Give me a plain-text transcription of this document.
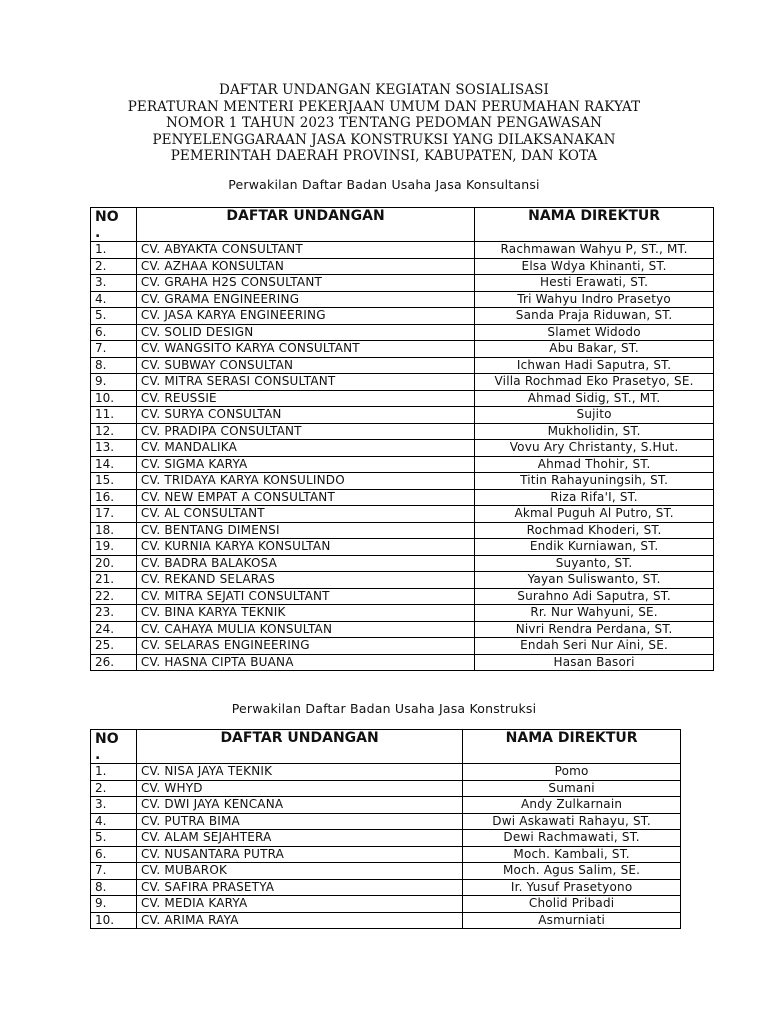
DAFTAR UNDANGAN KEGIATAN SOSIALISASI
PERATURAN MENTERI PEKERJAAN UMUM DAN PERUMAHAN RAKYAT
NOMOR 1 TAHUN 2023 TENTANG PEDOMAN PENGAWASAN
PENYELENGGARAAN JASA KONSTRUKSI YANG DILAKSANAKAN
PEMERINTAH DAERAH PROVINSI, KABUPATEN, DAN KOTA
Perwakilan Daftar Badan Usaha Jasa Konsultansi
NO
.	DAFTAR UNDANGAN	NAMA DIREKTUR
1.	CV. ABYAKTA CONSULTANT	Rachmawan Wahyu P, ST., MT.
2.	CV. AZHAA KONSULTAN	Elsa Wdya Khinanti, ST.
3.	CV. GRAHA H2S CONSULTANT	Hesti Erawati, ST.
4.	CV. GRAMA ENGINEERING	Tri Wahyu Indro Prasetyo
5.	CV. JASA KARYA ENGINEERING	Sanda Praja Riduwan, ST.
6.	CV. SOLID DESIGN	Slamet Widodo
7.	CV. WANGSITO KARYA CONSULTANT	Abu Bakar, ST.
8.	CV. SUBWAY CONSULTAN	Ichwan Hadi Saputra, ST.
9.	CV. MITRA SERASI CONSULTANT	Villa Rochmad Eko Prasetyo, SE.
10.	CV. REUSSIE	Ahmad Sidig, ST., MT.
11.	CV. SURYA CONSULTAN	Sujito
12.	CV. PRADIPA CONSULTANT	Mukholidin, ST.
13.	CV. MANDALIKA	Vovu Ary Christanty, S.Hut.
14.	CV. SIGMA KARYA	Ahmad Thohir, ST.
15.	CV. TRIDAYA KARYA KONSULINDO	Titin Rahayuningsih, ST.
16.	CV. NEW EMPAT A CONSULTANT	Riza Rifa'I, ST.
17.	CV. AL CONSULTANT	Akmal Puguh Al Putro, ST.
18.	CV. BENTANG DIMENSI	Rochmad Khoderi, ST.
19.	CV. KURNIA KARYA KONSULTAN	Endik Kurniawan, ST.
20.	CV. BADRA BALAKOSA	Suyanto, ST.
21.	CV. REKAND SELARAS	Yayan Suliswanto, ST.
22.	CV. MITRA SEJATI CONSULTANT	Surahno Adi Saputra, ST.
23.	CV. BINA KARYA TEKNIK	Rr. Nur Wahyuni, SE.
24.	CV. CAHAYA MULIA KONSULTAN	Nivri Rendra Perdana, ST.
25.	CV. SELARAS ENGINEERING	Endah Seri Nur Aini, SE.
26.	CV. HASNA CIPTA BUANA	Hasan Basori
Perwakilan Daftar Badan Usaha Jasa Konstruksi
NO
.	DAFTAR UNDANGAN	NAMA DIREKTUR
1.	CV. NISA JAYA TEKNIK	Pomo
2.	CV. WHYD	Sumani
3.	CV. DWI JAYA KENCANA	Andy Zulkarnain
4.	CV. PUTRA BIMA	Dwi Askawati Rahayu, ST.
5.	CV. ALAM SEJAHTERA	Dewi Rachmawati, ST.
6.	CV. NUSANTARA PUTRA	Moch. Kambali, ST.
7.	CV. MUBAROK	Moch. Agus Salim, SE.
8.	CV. SAFIRA PRASETYA	Ir. Yusuf Prasetyono
9.	CV. MEDIA KARYA	Cholid Pribadi
10.	CV. ARIMA RAYA	Asmurniati
